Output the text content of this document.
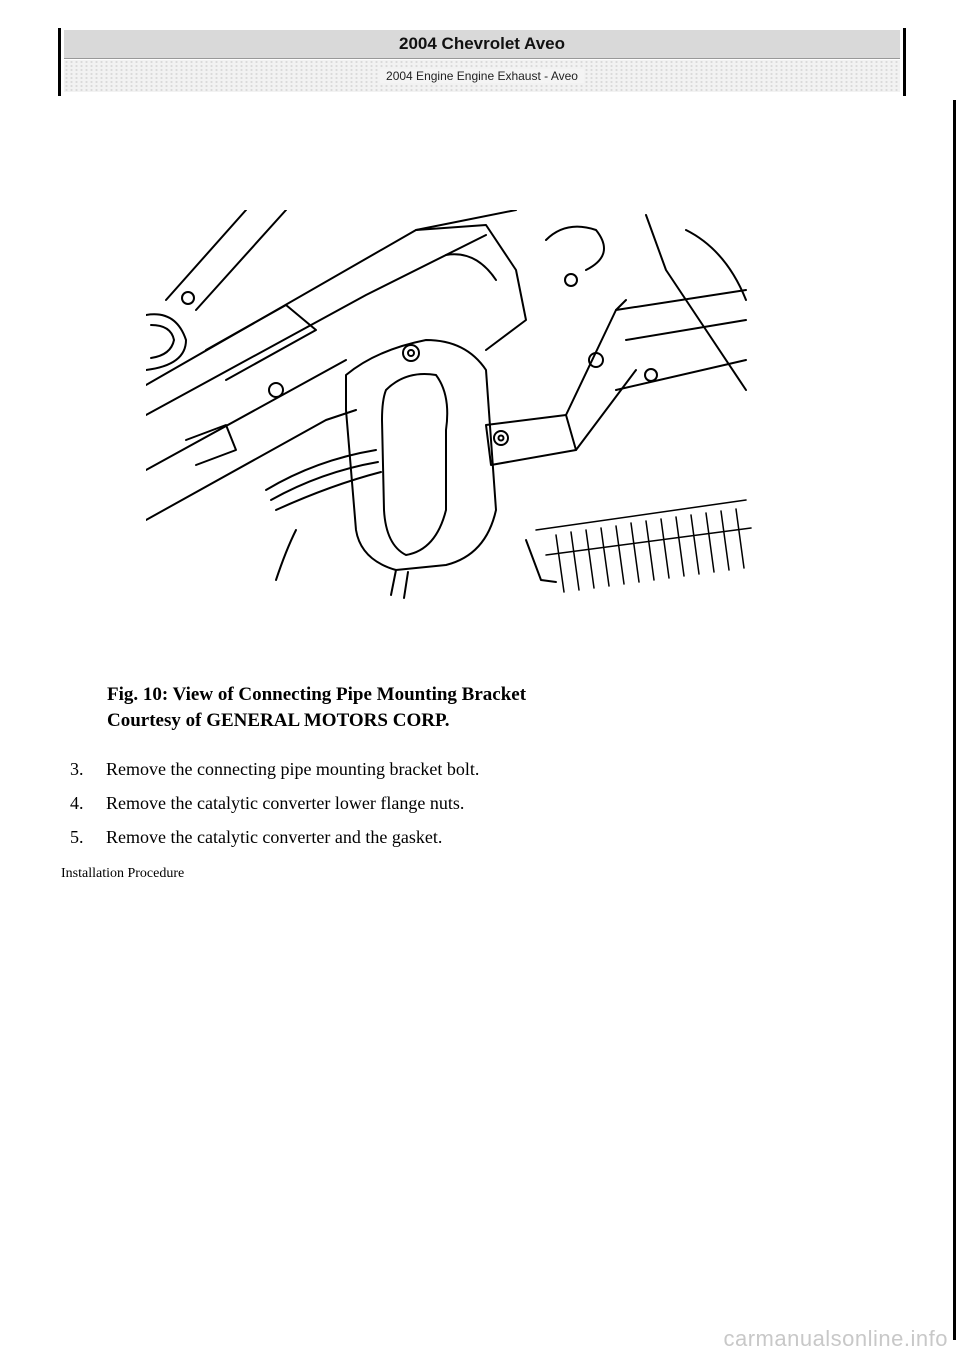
2004 Chevrolet Aveo
2004 Engine Engine Exhaust - Aveo
Fig. 10: View of Connecting Pipe Mounting Bracket
Courtesy of GENERAL MOTORS CORP.
3. Remove the connecting pipe mounting bracket bolt.
4. Remove the catalytic converter lower flange nuts.
5. Remove the catalytic converter and the gasket.
Installation Procedure
carmanualsonline.info
